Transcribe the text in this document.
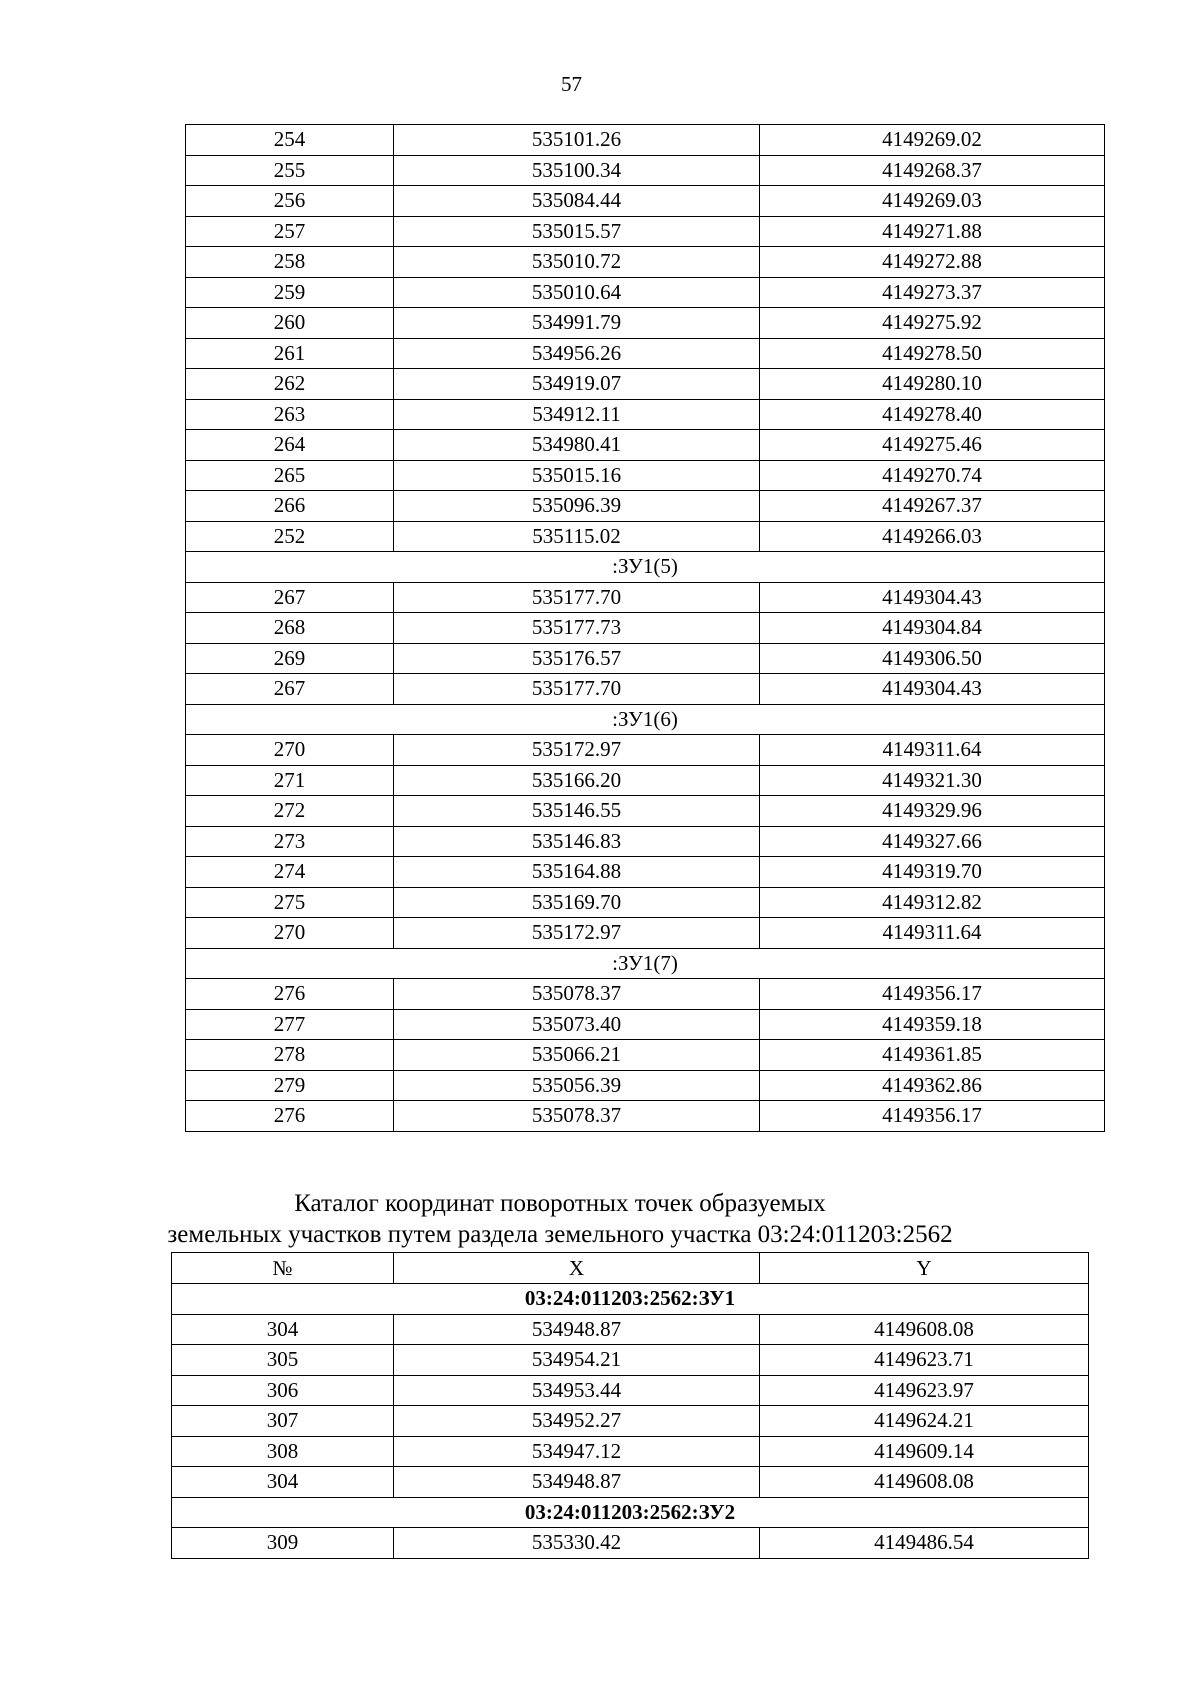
57
254	535101.26	4149269.02
255	535100.34	4149268.37
256	535084.44	4149269.03
257	535015.57	4149271.88
258	535010.72	4149272.88
259	535010.64	4149273.37
260	534991.79	4149275.92
261	534956.26	4149278.50
262	534919.07	4149280.10
263	534912.11	4149278.40
264	534980.41	4149275.46
265	535015.16	4149270.74
266	535096.39	4149267.37
252	535115.02	4149266.03
:ЗУ1(5)		
267	535177.70	4149304.43
268	535177.73	4149304.84
269	535176.57	4149306.50
267	535177.70	4149304.43
:ЗУ1(6)		
270	535172.97	4149311.64
271	535166.20	4149321.30
272	535146.55	4149329.96
273	535146.83	4149327.66
274	535164.88	4149319.70
275	535169.70	4149312.82
270	535172.97	4149311.64
:ЗУ1(7)		
276	535078.37	4149356.17
277	535073.40	4149359.18
278	535066.21	4149361.85
279	535056.39	4149362.86
276	535078.37	4149356.17
Каталог координат поворотных точек образуемых
земельных участков путем раздела земельного участка 03:24:011203:2562
№	X	Y
03:24:011203:2562:ЗУ1		
304	534948.87	4149608.08
305	534954.21	4149623.71
306	534953.44	4149623.97
307	534952.27	4149624.21
308	534947.12	4149609.14
304	534948.87	4149608.08
03:24:011203:2562:ЗУ2		
309	535330.42	4149486.54
